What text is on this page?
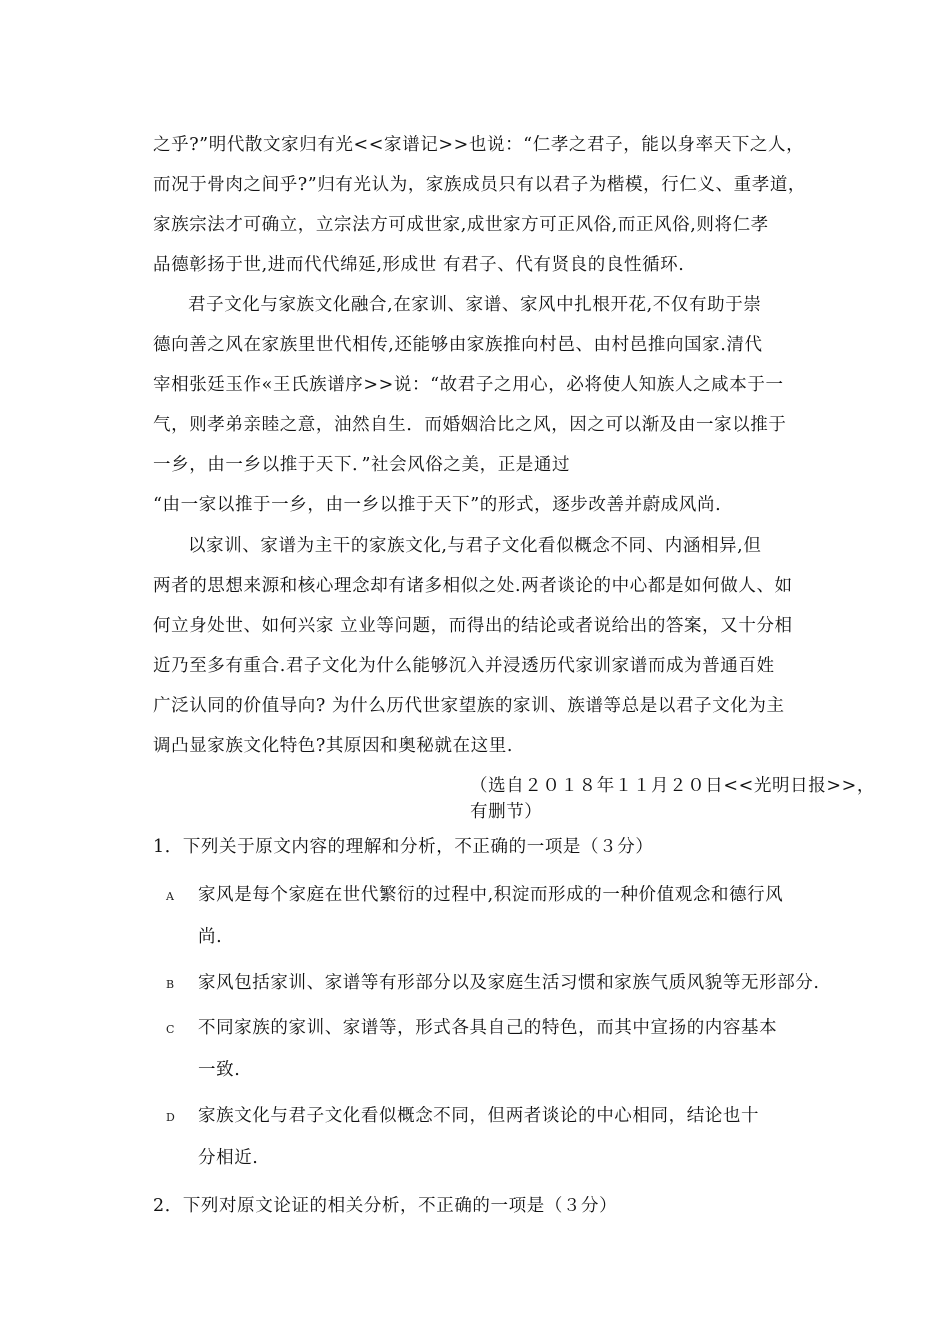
之乎?”明代散文家归有光<<家谱记>>也说：“仁孝之君子，能以身率天下之人，
而况于骨肉之间乎?”归有光认为，家族成员只有以君子为楷模，行仁义、重孝道，
家族宗法才可确立，立宗法方可成世家,成世家方可正风俗,而正风俗,则将仁孝
品德彰扬于世,进而代代绵延,形成世 有君子、代有贤良的良性循环.
君子文化与家族文化融合,在家训、家谱、家风中扎根开花,不仅有助于崇
德向善之风在家族里世代相传,还能够由家族推向村邑、由村邑推向国家.清代
宰相张廷玉作«王氏族谱序>>说：“故君子之用心，必将使人知族人之咸本于一
气，则孝弟亲睦之意，油然自生．而婚姻洽比之风，因之可以渐及由一家以推于
一乡，由一乡以推于天下．”社会风俗之美，正是通过
“由一家以推于一乡，由一乡以推于天下”的形式，逐步改善并蔚成风尚.
以家训、家谱为主干的家族文化,与君子文化看似概念不同、内涵相异,但
两者的思想来源和核心理念却有诸多相似之处.两者谈论的中心都是如何做人、如
何立身处世、如何兴家 立业等问题，而得出的结论或者说给出的答案，又十分相
近乃至多有重合.君子文化为什么能够沉入并浸透历代家训家谱而成为普通百姓
广泛认同的价值导向? 为什么历代世家望族的家训、族谱等总是以君子文化为主
调凸显家族文化特色?其原因和奥秘就在这里.
（选自２０１８年１１月２０日<<光明日报>>，
有删节）
1．下列关于原文内容的理解和分析，不正确的一项是（３分）
A 家风是每个家庭在世代繁衍的过程中,积淀而形成的一种价值观念和德行风
尚.
B 家风包括家训、家谱等有形部分以及家庭生活习惯和家族气质风貌等无形部分.
C 不同家族的家训、家谱等，形式各具自己的特色，而其中宣扬的内容基本
一致.
D 家族文化与君子文化看似概念不同，但两者谈论的中心相同，结论也十
分相近.
2．下列对原文论证的相关分析，不正确的一项是（３分）
